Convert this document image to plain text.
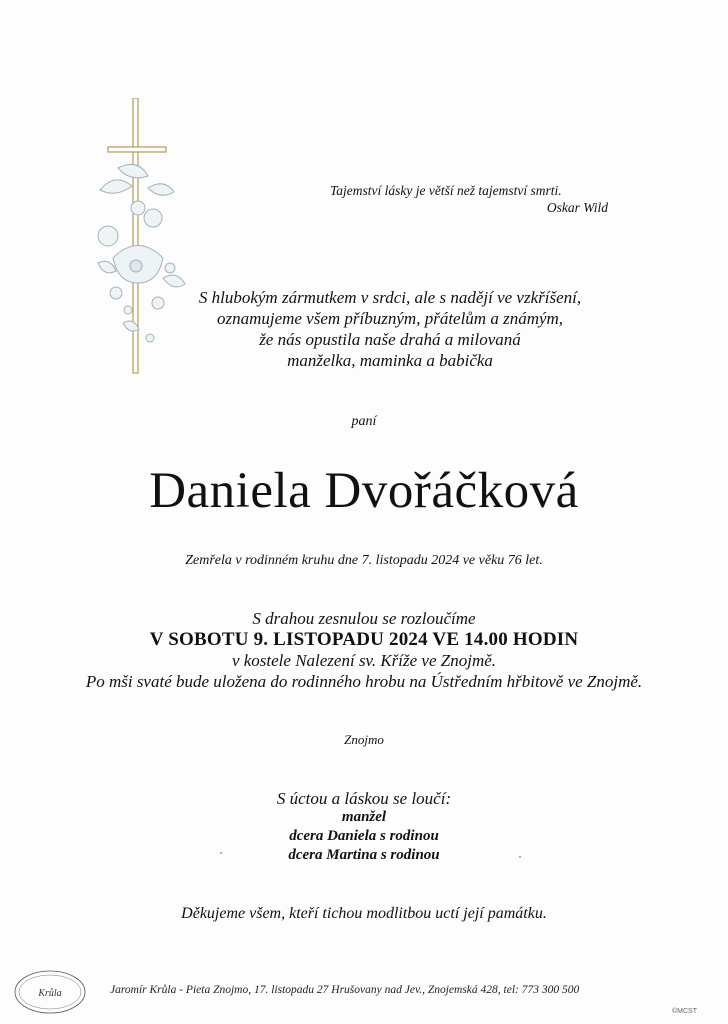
Tajemství lásky je větší než tajemství smrti.
Oskar Wild
S hlubokým zármutkem v srdci, ale s nadějí ve vzkříšení,
oznamujeme všem příbuzným, přátelům a známým,
že nás opustila naše drahá a milovaná
manželka, maminka a babička
paní
Daniela Dvořáčková
Zemřela v rodinném kruhu dne 7. listopadu 2024 ve věku 76 let.
S drahou zesnulou se rozloučíme
V SOBOTU 9. LISTOPADU 2024 VE 14.00 HODIN
v kostele Nalezení sv. Kříže ve Znojmě.
Po mši svaté bude uložena do rodinného hrobu na Ústředním hřbitově ve Znojmě.
Znojmo
S úctou a láskou se loučí:
manžel
dcera Daniela s rodinou
dcera Martina s rodinou
Děkujeme všem, kteří tichou modlitbou uctí její památku.
Krůla	Jaromír Krůla - Pieta Znojmo, 17. listopadu 27 Hrušovany nad Jev., Znojemská 428, tel: 773 300 500
©MCST
